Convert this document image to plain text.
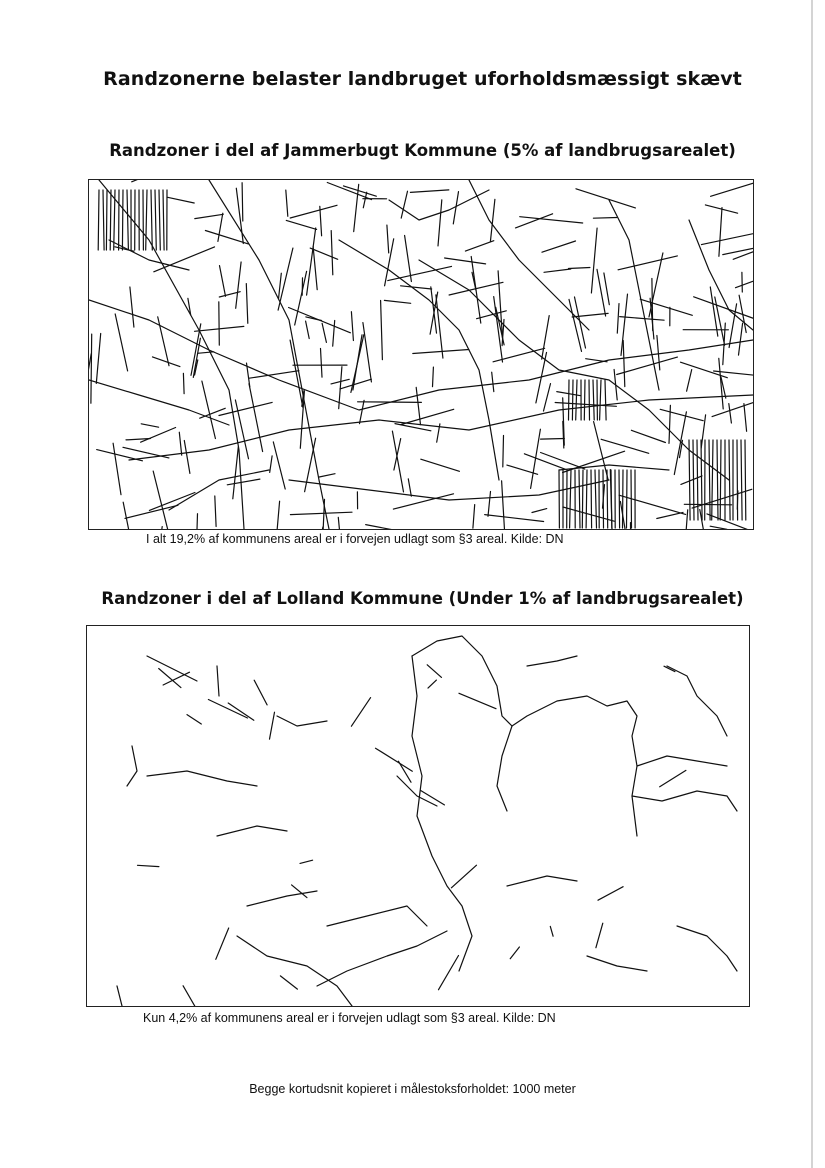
Randzonerne belaster landbruget uforholdsmæssigt skævt
Randzoner i del af Jammerbugt Kommune (5% af landbrugsarealet)
I alt 19,2% af kommunens areal er i forvejen udlagt som §3 areal. Kilde: DN
Randzoner i del af Lolland Kommune (Under 1% af landbrugsarealet)
Kun 4,2% af kommunens areal er i forvejen udlagt som §3 areal. Kilde: DN
Begge kortudsnit kopieret i målestoksforholdet: 1000 meter
